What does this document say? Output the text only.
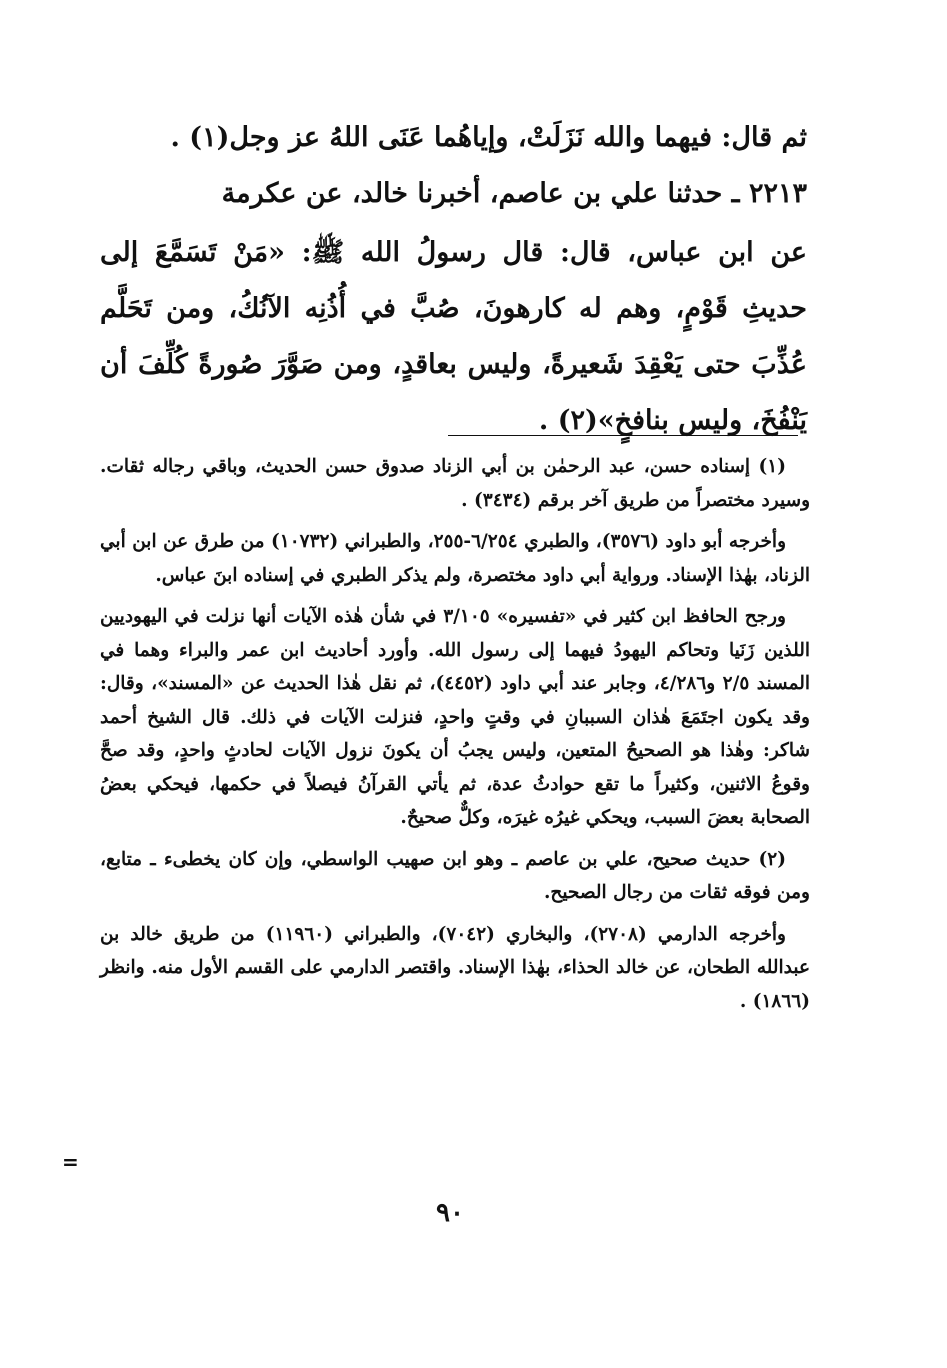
ثم قال: فيهما والله نَزَلَتْ، وإياهُما عَنَى اللهُ عز وجل(١) .
٢٢١٣ ـ حدثنا علي بن عاصم، أخبرنا خالد، عن عكرمة
عن ابن عباس، قال: قال رسولُ الله ﷺ: «مَنْ تَسَمَّعَ إلى حديثِ قَوْمٍ، وهم له كارهونَ، صُبَّ في أُذُنِه الآنُكُ، ومن تَحَلَّم عُذِّبَ حتى يَعْقِدَ شَعيرةً، وليس بعاقدٍ، ومن صَوَّرَ صُورةً كُلِّفَ أن يَنْفُخَ، وليس بنافخٍ»(٢) .

(١) إسناده حسن، عبد الرحمٰن بن أبي الزناد صدوق حسن الحديث، وباقي رجاله ثقات. وسيرد مختصراً من طريق آخر برقم (٣٤٣٤) .

وأخرجه أبو داود (٣٥٧٦)، والطبري ٦/٢٥٤-٢٥٥، والطبراني (١٠٧٣٢) من طرق عن ابن أبي الزناد، بهٰذا الإسناد. ورواية أبي داود مختصرة، ولم يذكر الطبري في إسناده ابنَ عباس.

ورجح الحافظ ابن كثير في «تفسيره» ٣/١٠٥ في شأن هٰذه الآيات أنها نزلت في اليهوديين اللذين زَنَيا وتحاكم اليهودُ فيهما إلى رسول الله. وأورد أحاديث ابن عمر والبراء وهما في المسند ٢/٥ و٤/٢٨٦، وجابر عند أبي داود (٤٤٥٢)، ثم نقل هٰذا الحديث عن «المسند»، وقال: وقد يكون اجتَمَعَ هٰذان السببانِ في وقتٍ واحدٍ، فنزلت الآيات في ذلك. قال الشيخ أحمد شاكر: وهٰذا هو الصحيحُ المتعين، وليس يجبُ أن يكونَ نزول الآيات لحادثٍ واحدٍ، وقد صحَّ وقوعُ الاثنين، وكثيراً ما تقع حوادثُ عدة، ثم يأتي القرآنُ فيصلاً في حكمها، فيحكي بعضُ الصحابة بعضَ السبب، ويحكي غيرُه غيرَه، وكلٌّ صحيحٌ.

(٢) حديث صحيح، علي بن عاصم ـ وهو ابن صهيب الواسطي، وإن كان يخطىء ـ متابع، ومن فوقه ثقات من رجال الصحيح.

وأخرجه الدارمي (٢٧٠٨)، والبخاري (٧٠٤٢)، والطبراني (١١٩٦٠) من طريق خالد بن عبدالله الطحان، عن خالد الحذاء، بهٰذا الإسناد. واقتصر الدارمي على القسم الأول منه. وانظر (١٨٦٦) .

=
٩٠
